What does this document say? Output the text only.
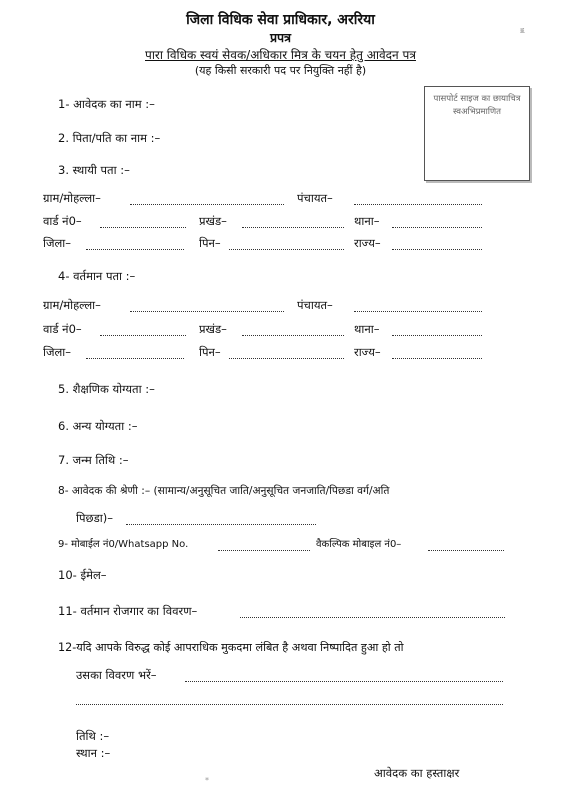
जिला विधिक सेवा प्राधिकार, अररिया
प्रपत्र
पारा विधिक स्वयं सेवक/अधिकार मित्र के चयन हेतु आवेदन पत्र
(यह किसी सरकारी पद पर नियुक्ति नहीं है)
౾
पासपोर्ट साइज का छायाचित्र स्वअभिप्रमाणित
1- आवेदक का नाम :–
2. पिता/पति का नाम :–
3. स्थायी पता :–
ग्राम/मोहल्ला–	पंचायत–
वार्ड नं0–	प्रखंड–	थाना–
जिला–	पिन–	राज्य–
4- वर्तमान पता :–
ग्राम/मोहल्ला–	पंचायत–
वार्ड नं0–	प्रखंड–	थाना–
जिला–	पिन–	राज्य–
5. शैक्षणिक योग्यता :–
6. अन्य योग्यता :–
7. जन्म तिथि :–
8- आवेदक की श्रेणी :– (सामान्य/अनुसूचित जाति/अनुसूचित जनजाति/पिछडा वर्ग/अति
पिछडा)–
9- मोबाईल नं0/Whatsapp No.	वैकल्पिक मोबाइल नं0–
10- ईमेल–
11- वर्तमान रोजगार का विवरण–
12-यदि आपके विरुद्ध कोई आपराधिक मुकदमा लंबित है अथवा निष्पादित हुआ हो तो
उसका विवरण भरें–
तिथि :–
स्थान :–
आवेदक का हस्ताक्षर
*
